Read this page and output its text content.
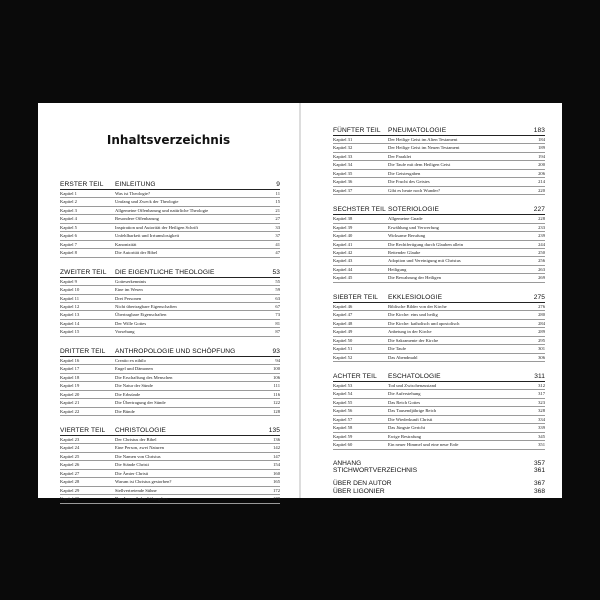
Inhaltsverzeichnis
ERSTER TEIL	EINLEITUNG	9
Kapitel 1	Was ist Theologie?	11
Kapitel 2	Umfang und Zweck der Theologie	15
Kapitel 3	Allgemeine Offenbarung und natürliche Theologie	21
Kapitel 4	Besondere Offenbarung	27
Kapitel 5	Inspiration und Autorität der Heiligen Schrift	33
Kapitel 6	Unfehlbarkeit und Irrtumslosigkeit	37
Kapitel 7	Kanonizität	41
Kapitel 8	Die Autorität der Bibel	47
ZWEITER TEIL	DIE EIGENTLICHE THEOLOGIE	53
Kapitel 9	Gotteserkenntnis	55
Kapitel 10	Eine im Wesen	59
Kapitel 11	Drei Personen	63
Kapitel 12	Nicht übertragbare Eigenschaften	67
Kapitel 13	Übertragbare Eigenschaften	73
Kapitel 14	Der Wille Gottes	81
Kapitel 15	Vorsehung	87
DRITTER TEIL	ANTHROPOLOGIE UND SCHÖPFUNG	93
Kapitel 16	Creatio ex nihilo	94
Kapitel 17	Engel und Dämonen	100
Kapitel 18	Die Erschaffung des Menschen	106
Kapitel 19	Die Natur der Sünde	111
Kapitel 20	Die Erbsünde	116
Kapitel 21	Die Übertragung der Sünde	122
Kapitel 22	Die Bünde	128
VIERTER TEIL	CHRISTOLOGIE	135
Kapitel 23	Der Christus der Bibel	136
Kapitel 24	Eine Person, zwei Naturen	142
Kapitel 25	Die Namen von Christus	147
Kapitel 26	Die Stände Christi	154
Kapitel 27	Die Ämter Christi	160
Kapitel 28	Warum ist Christus gestorben?	165
Kapitel 29	Stellvertretende Sühne	172
Kapitel 30	Das Ausmaß des Sühnopfers	178
FÜNFTER TEIL	PNEUMATOLOGIE	183
Kapitel 31	Der Heilige Geist im Alten Testament	184
Kapitel 32	Der Heilige Geist im Neuen Testament	189
Kapitel 33	Der Paraklet	194
Kapitel 34	Die Taufe mit dem Heiligen Geist	200
Kapitel 35	Die Geistesgaben	206
Kapitel 36	Die Frucht des Geistes	214
Kapitel 37	Gibt es heute noch Wunder?	220
SECHSTER TEIL SOTERIOLOGIE	227
Kapitel 38	Allgemeine Gnade	228
Kapitel 39	Erwählung und Verwerfung	233
Kapitel 40	Wirksame Berufung	239
Kapitel 41	Die Rechtfertigung durch Glauben allein	244
Kapitel 42	Rettender Glaube	250
Kapitel 43	Adoption und Vereinigung mit Christus	256
Kapitel 44	Heiligung	263
Kapitel 45	Die Bewahrung der Heiligen	269
SIEBTER TEIL	EKKLESIOLOGIE	275
Kapitel 46	Biblische Bilder von der Kirche	276
Kapitel 47	Die Kirche: eins und heilig	280
Kapitel 48	Die Kirche: katholisch und apostolisch	284
Kapitel 49	Anbetung in der Kirche	289
Kapitel 50	Die Sakramente der Kirche	295
Kapitel 51	Die Taufe	301
Kapitel 52	Das Abendmahl	306
ACHTER TEIL	ESCHATOLOGIE	311
Kapitel 53	Tod und Zwischenzustand	312
Kapitel 54	Die Auferstehung	317
Kapitel 55	Das Reich Gottes	323
Kapitel 56	Das Tausendjährige Reich	328
Kapitel 57	Die Wiederkunft Christi	334
Kapitel 58	Das Jüngste Gericht	339
Kapitel 59	Ewige Bestrafung	345
Kapitel 60	Ein neuer Himmel und eine neue Erde	351
ANHANG	357
STICHWORTVERZEICHNIS	361
ÜBER DEN AUTOR	367
ÜBER LIGONIER	368
